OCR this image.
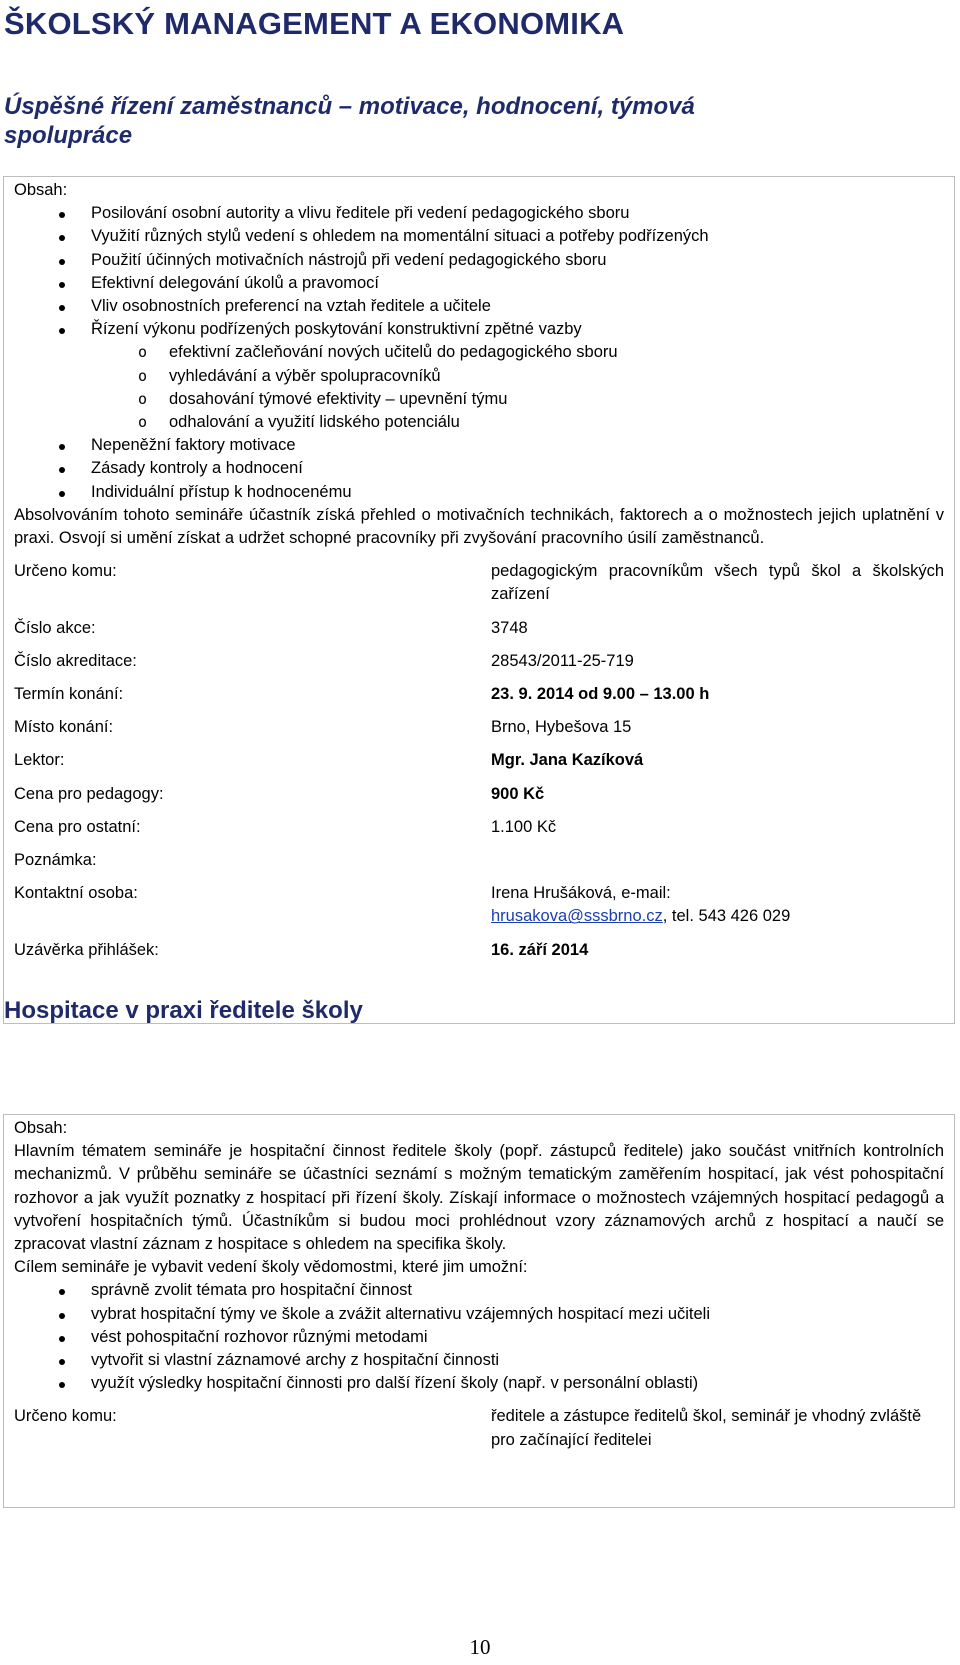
ŠKOLSKÝ MANAGEMENT A EKONOMIKA
Úspěšné řízení zaměstnanců – motivace, hodnocení, týmová
spolupráce

Obsah:

Posilování osobní autority a vlivu ředitele při vedení pedagogického sboru
Využití různých stylů vedení s ohledem na momentální situaci a potřeby podřízených
Použití účinných motivačních nástrojů při vedení pedagogického sboru
Efektivní delegování úkolů a pravomocí
Vliv osobnostních preferencí na vztah ředitele a učitele
Řízení výkonu podřízených poskytování konstruktivní zpětné vazby
o efektivní začleňování nových učitelů do pedagogického sboru
o vyhledávání a výběr spolupracovníků
o dosahování týmové efektivity – upevnění týmu
o odhalování a využití lidského potenciálu
Nepeněžní faktory motivace
Zásady kontroly a hodnocení
Individuální přístup k hodnocenému

Absolvováním tohoto semináře účastník získá přehled o motivačních technikách, faktorech a o možnostech jejich uplatnění v praxi. Osvojí si umění získat a udržet schopné pracovníky při zvyšování pracovního úsilí zaměstnanců.

Určeno komu:	pedagogickým pracovníkům všech typů škol a školských zařízení
Číslo akce:	3748
Číslo akreditace:	28543/2011-25-719
Termín konání:	23. 9. 2014 od 9.00 – 13.00 h
Místo konání:	Brno, Hybešova 15
Lektor:	Mgr. Jana Kazíková
Cena pro pedagogy:	900 Kč
Cena pro ostatní:	1.100 Kč
Poznámka:	
Kontaktní osoba:	Irena Hrušáková, e-mail:
hrusakova@sssbrno.cz, tel. 543 426 029
Uzávěrka přihlášek:	16. září 2014
Hospitace v praxi ředitele školy

Obsah:

Hlavním tématem semináře je hospitační činnost ředitele školy (popř. zástupců ředitele) jako součást vnitřních kontrolních mechanizmů. V průběhu semináře se účastníci seznámí s možným tematickým zaměřením hospitací, jak vést pohospitační rozhovor a jak využít poznatky z hospitací při řízení školy. Získají informace o možnostech vzájemných hospitací pedagogů a vytvoření hospitačních týmů. Účastníkům si budou moci prohlédnout vzory záznamových archů z hospitací a naučí se zpracovat vlastní záznam z hospitace s ohledem na specifika školy.

Cílem semináře je vybavit vedení školy vědomostmi, které jim umožní:

správně zvolit témata pro hospitační činnost
vybrat hospitační týmy ve škole a zvážit alternativu vzájemných hospitací mezi učiteli
vést pohospitační rozhovor různými metodami
vytvořit si vlastní záznamové archy z hospitační činnosti
využít výsledky hospitační činnosti pro další řízení školy (např. v personální oblasti)
Určeno komu:	ředitele a zástupce ředitelů škol, seminář je vhodný zvláště pro začínající ředitelei
10
